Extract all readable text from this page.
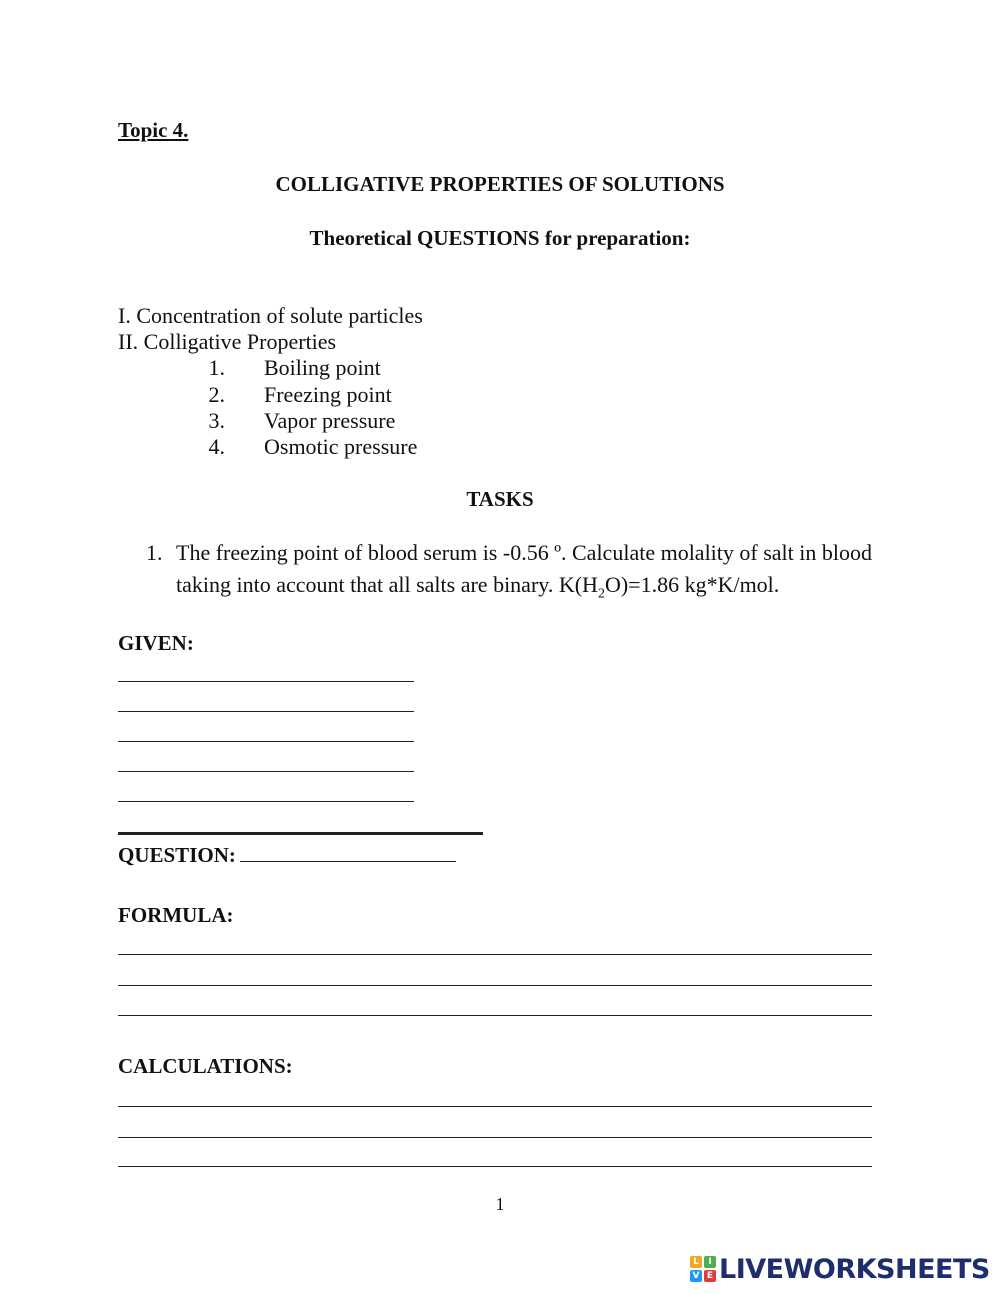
Topic 4.
COLLIGATIVE PROPERTIES OF SOLUTIONS
Theoretical QUESTIONS for preparation:
I. Concentration of solute particles
II. Colligative Properties
1. Boiling point
2. Freezing point
3. Vapor pressure
4. Osmotic pressure
TASKS
1. The freezing point of blood serum is -0.56 º. Calculate molality of salt in blood
taking into account that all salts are binary. $K(H_2O)=1.86$ kg*K/mol.
GIVEN:
QUESTION:
FORMULA:
CALCULATIONS:
1
L	I
V E LIVEWORKSHEETS
